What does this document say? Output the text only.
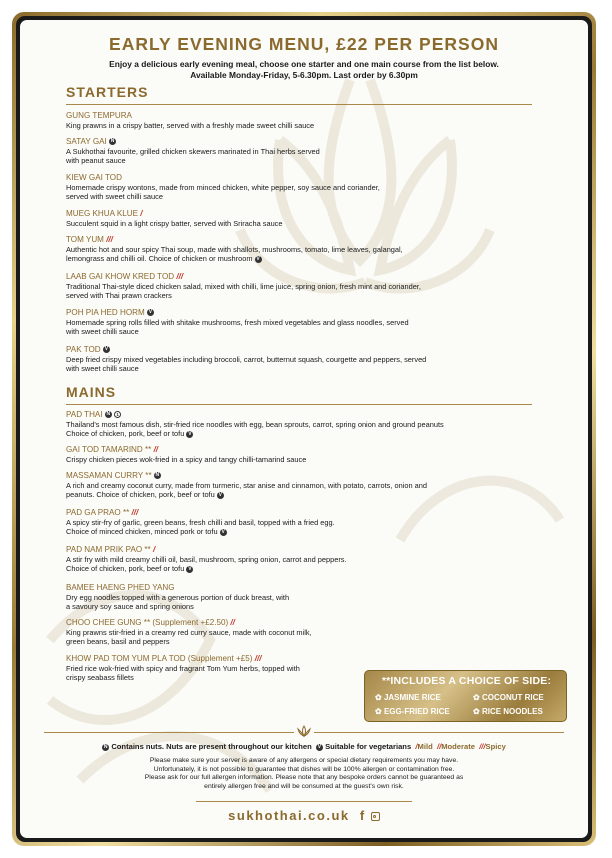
EARLY EVENING MENU, £22 PER PERSON
Enjoy a delicious early evening meal, choose one starter and one main course from the list below.
Available Monday-Friday, 5-6.30pm. Last order by 6.30pm
STARTERS
GUNG TEMPURA
King prawns in a crispy batter, served with a freshly made sweet chilli sauce
SATAY GAI N
A Sukhothai favourite, grilled chicken skewers marinated in Thai herbs served
with peanut sauce
KIEW GAI TOD
Homemade crispy wontons, made from minced chicken, white pepper, soy sauce and coriander,
served with sweet chilli sauce
MUEG KHUA KLUE /
Succulent squid in a light crispy batter, served with Sriracha sauce
TOM YUM ///
Authentic hot and sour spicy Thai soup, made with shallots, mushrooms, tomato, lime leaves, galangal,
lemongrass and chilli oil. Choice of chicken or mushroom V
LAAB GAI KHOW KRED TOD ///
Traditional Thai-style diced chicken salad, mixed with chilli, lime juice, spring onion, fresh mint and coriander,
served with Thai prawn crackers
POH PIA HED HORM V
Homemade spring rolls filled with shitake mushrooms, fresh mixed vegetables and glass noodles, served
with sweet chilli sauce
PAK TOD V
Deep fried crispy mixed vegetables including broccoli, carrot, butternut squash, courgette and peppers, served
with sweet chilli sauce
MAINS
PAD THAI N 1
Thailand's most famous dish, stir-fried rice noodles with egg, bean sprouts, carrot, spring onion and ground peanuts
Choice of chicken, pork, beef or tofu V
GAI TOD TAMARIND ** //
Crispy chicken pieces wok-fried in a spicy and tangy chilli-tamarind sauce
MASSAMAN CURRY ** N
A rich and creamy coconut curry, made from turmeric, star anise and cinnamon, with potato, carrots, onion and
peanuts. Choice of chicken, pork, beef or tofu V
PAD GA PRAO ** ///
A spicy stir-fry of garlic, green beans, fresh chilli and basil, topped with a fried egg.
Choice of minced chicken, minced pork or tofu V
PAD NAM PRIK PAO ** /
A stir fry with mild creamy chilli oil, basil, mushroom, spring onion, carrot and peppers.
Choice of chicken, pork, beef or tofu V
BAMEE HAENG PHED YANG
Dry egg noodles topped with a generous portion of duck breast, with
a savoury soy sauce and spring onions
CHOO CHEE GUNG ** (Supplement +£2.50) //
King prawns stir-fried in a creamy red curry sauce, made with coconut milk,
green beans, basil and peppers
KHOW PAD TOM YUM PLA TOD (Supplement +£5) ///
Fried rice wok-fried with spicy and fragrant Tom Yum herbs, topped with
crispy seabass fillets	**INCLUDES A CHOICE OF SIDE:
✿ JASMINE RICE	✿ COCONUT RICE
✿ EGG-FRIED RICE	✿ RICE NOODLES
N Contains nuts. Nuts are present throughout our kitchen V Suitable for vegetarians /Mild //Moderate ///Spicy
Please make sure your server is aware of any allergens or special dietary requirements you may have.
Unfortunately, it is not possible to guarantee that dishes will be 100% allergen or contamination free.
Please ask for our full allergen information. Please note that any bespoke orders cannot be guaranteed as
entirely allergen free and will be consumed at the guest's own risk.
sukhothai.co.uk f
